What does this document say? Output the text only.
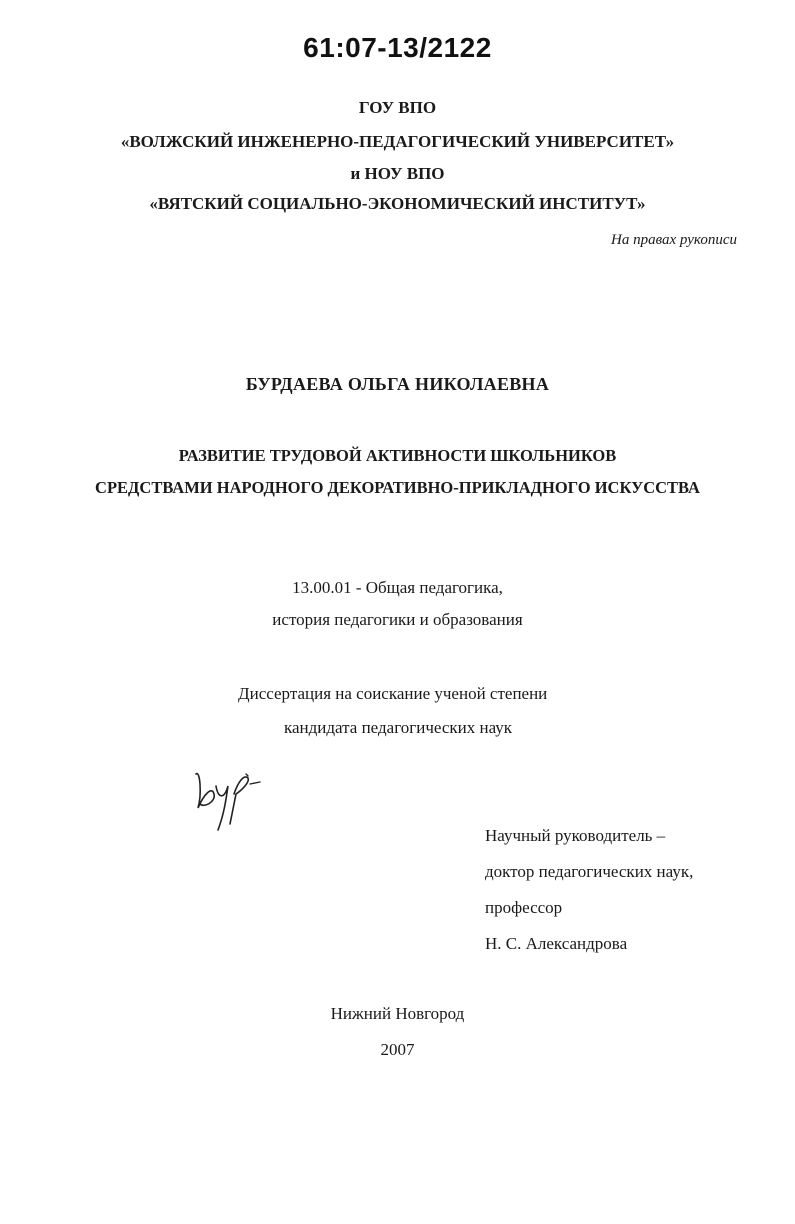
61:07-13/2122
ГОУ ВПО
«ВОЛЖСКИЙ ИНЖЕНЕРНО-ПЕДАГОГИЧЕСКИЙ УНИВЕРСИТЕТ»
и НОУ ВПО
«ВЯТСКИЙ СОЦИАЛЬНО-ЭКОНОМИЧЕСКИЙ ИНСТИТУТ»
На правах рукописи
БУРДАЕВА ОЛЬГА НИКОЛАЕВНА
РАЗВИТИЕ ТРУДОВОЙ АКТИВНОСТИ ШКОЛЬНИКОВ
СРЕДСТВАМИ НАРОДНОГО ДЕКОРАТИВНО-ПРИКЛАДНОГО ИСКУССТВА
13.00.01 - Общая педагогика,
история педагогики и образования
Диссертация на соискание ученой степени
кандидата педагогических наук
Научный руководитель –
доктор педагогических наук,
профессор
Н. С. Александрова
Нижний Новгород
2007
